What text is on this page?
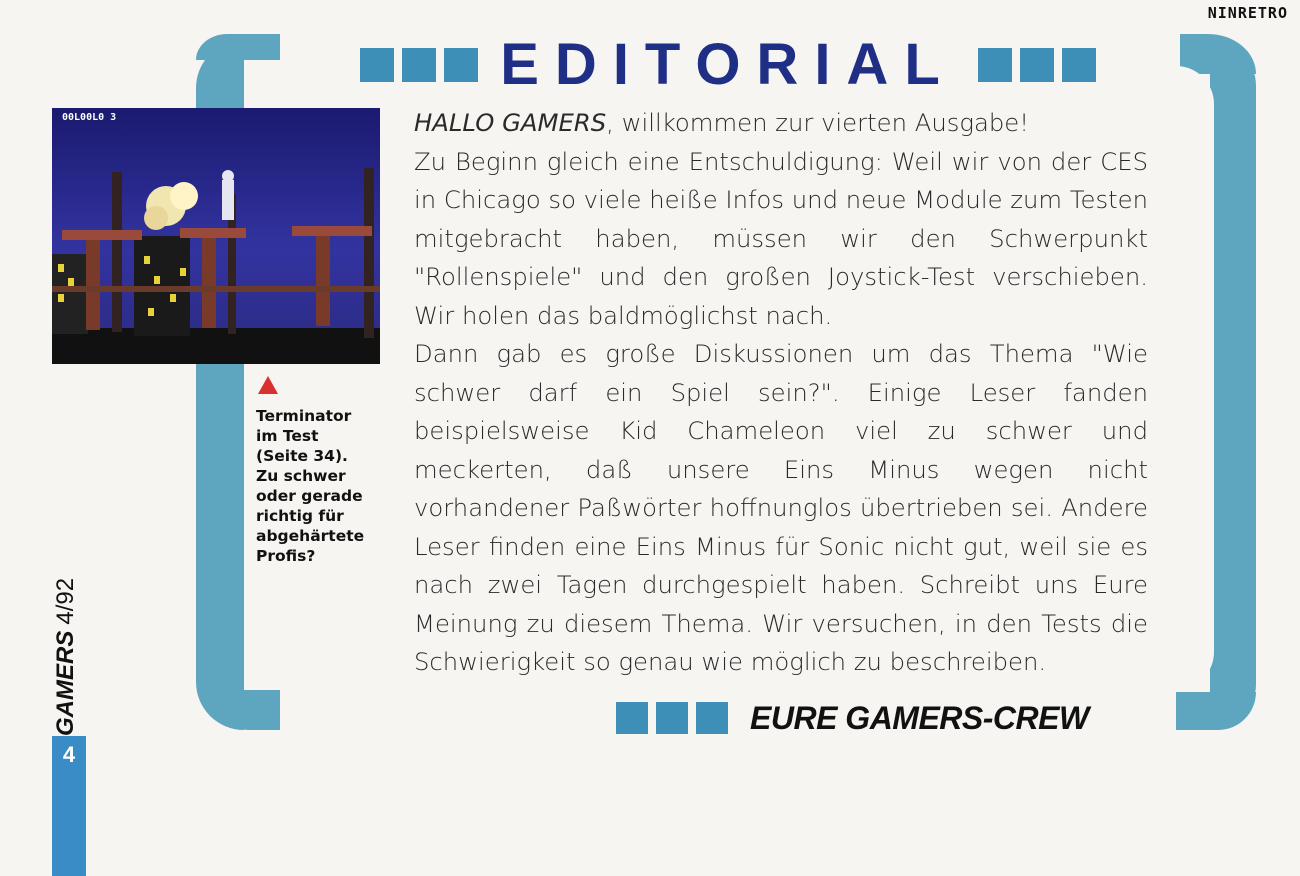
NINRETRO
EDITORIAL
00L00L0 3
Terminator
im Test
(Seite 34).
Zu schwer
oder gerade
richtig für
abgehärtete
Profis?

HALLO GAMERS, willkommen zur vierten Ausgabe!

Zu Beginn gleich eine Entschuldigung: Weil wir von der CES in Chicago so viele heiße Infos und neue Module zum Testen mitgebracht haben, müssen wir den Schwerpunkt "Rollenspiele" und den großen Joystick-Test verschieben. Wir holen das baldmöglichst nach.

Dann gab es große Diskussionen um das Thema "Wie schwer darf ein Spiel sein?". Einige Leser fanden beispielsweise Kid Chameleon viel zu schwer und meckerten, daß unsere Eins Minus wegen nicht vorhandener Paßwörter hoffnunglos übertrieben sei. Andere Leser finden eine Eins Minus für Sonic nicht gut, weil sie es nach zwei Tagen durchgespielt haben. Schreibt uns Eure Meinung zu diesem Thema. Wir versuchen, in den Tests die Schwierigkeit so genau wie möglich zu beschreiben.

EURE GAMERS-CREW
GAMERS4/92
4
